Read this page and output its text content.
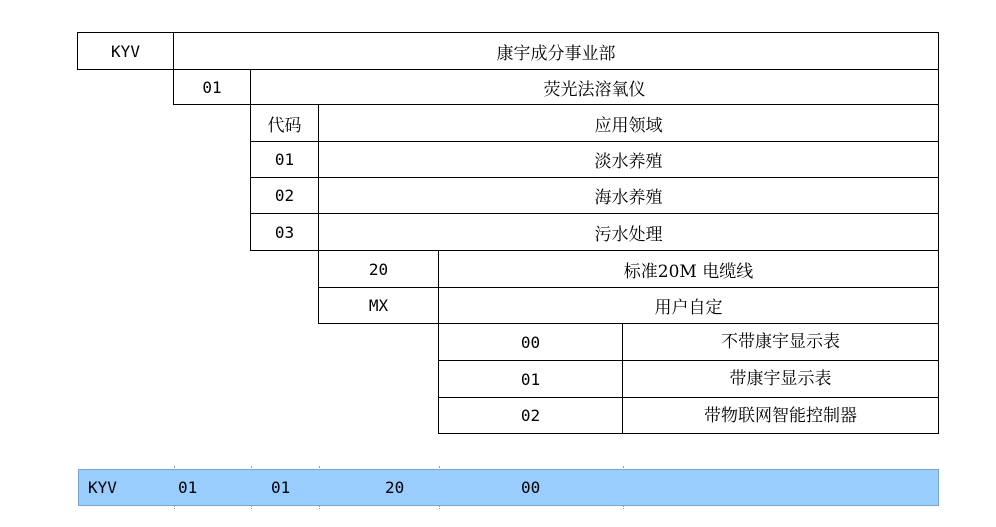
KYV	康宇成分事业部
01	荧光法溶氧仪
代码	应用领域
01	淡水养殖
02	海水养殖
03	污水处理
20	标准20M 电缆线
MX	用户自定
00	不带康宇显示表
01	带康宇显示表
02	带物联网智能控制器
KYV	01	01	20	00
